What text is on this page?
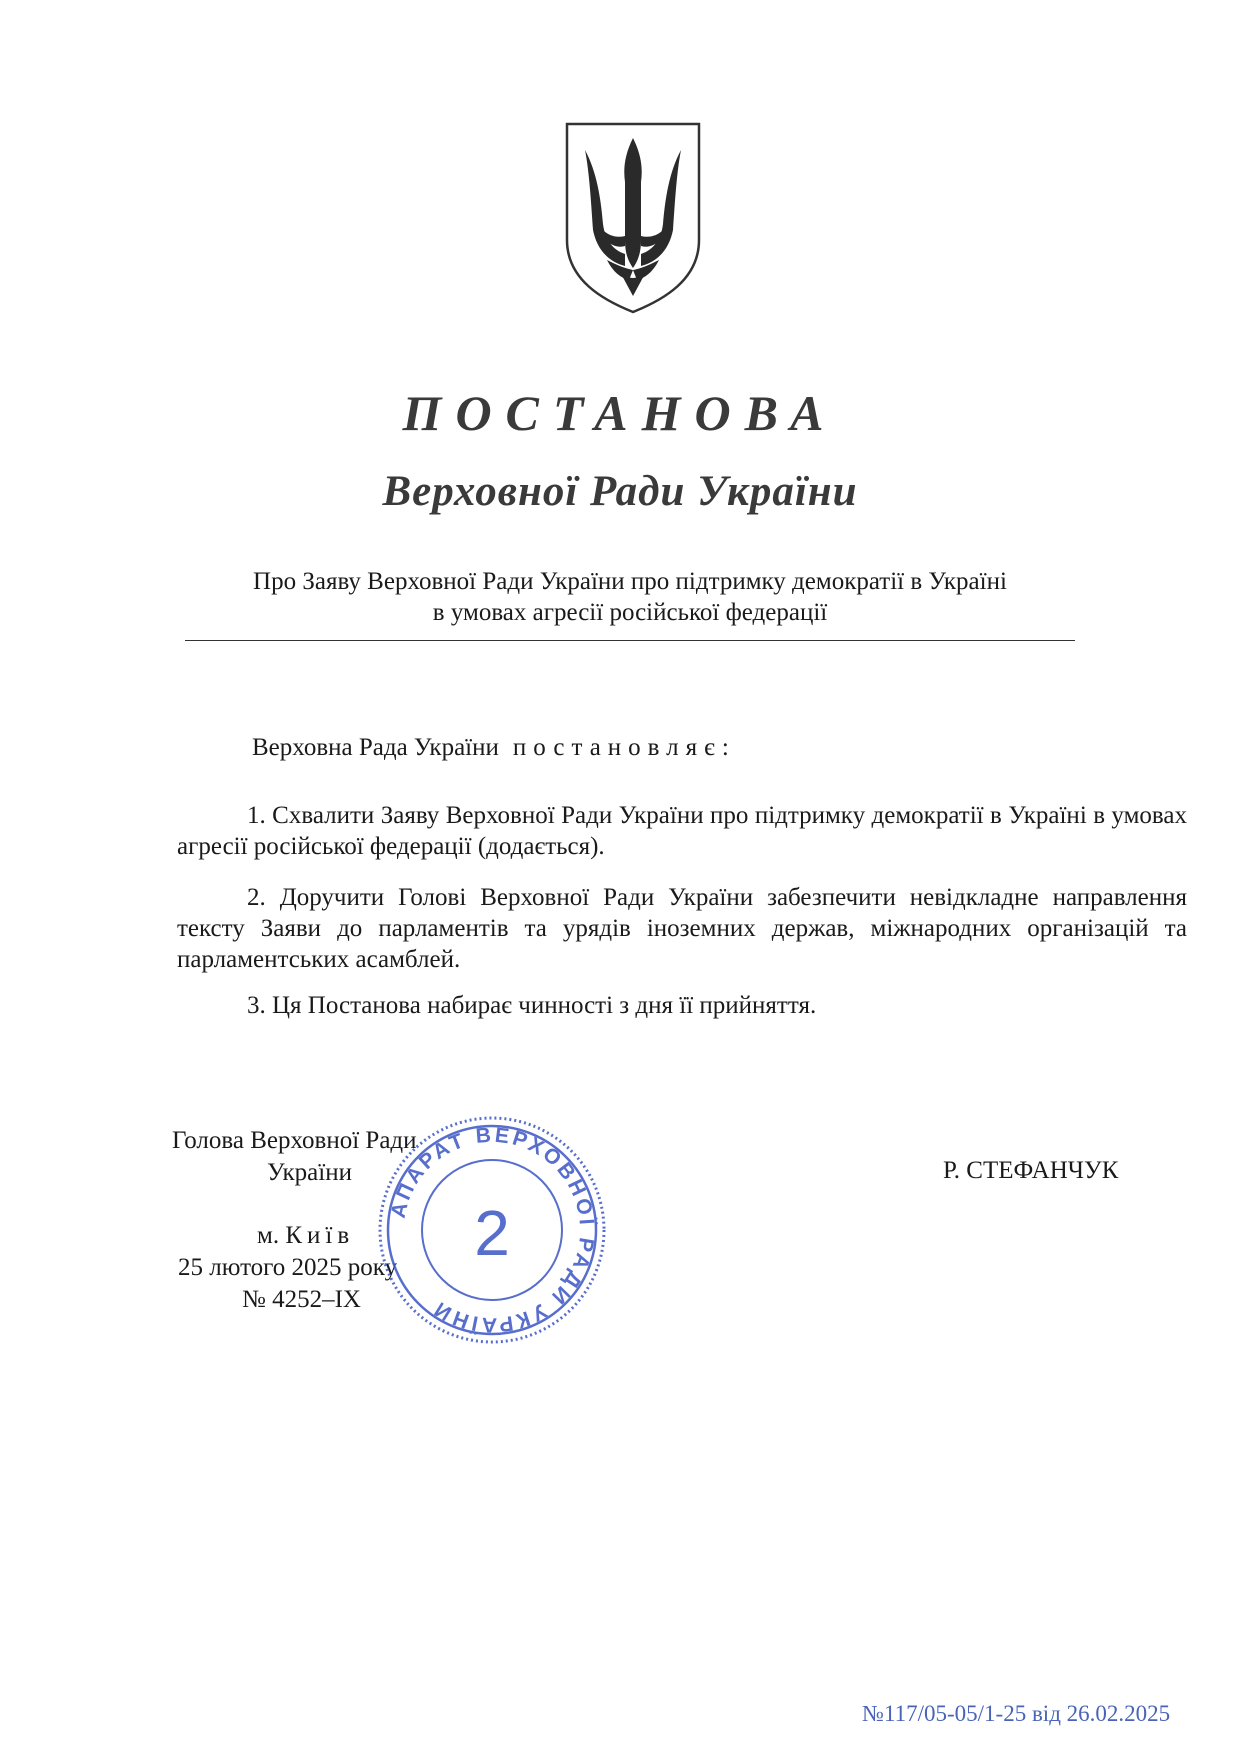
ПОСТАНОВА
Верховної Ради України
Про Заяву Верховної Ради України про підтримку демократії в Україні
в умовах агресії російської федерації
Верховна Рада України постановляє:
1. Схвалити Заяву Верховної Ради України про підтримку демократії в Україні в умовах агресії російської федерації (додається).
2. Доручити Голові Верховної Ради України забезпечити невідкладне направлення тексту Заяви до парламентів та урядів іноземних держав, міжнародних організацій та парламентських асамблей.
3. Ця Постанова набирає чинності з дня її прийняття.
Голова Верховної Ради
України	Р. СТЕФАНЧУК
м. Київ
25 лютого 2025 року
№ 4252–IX
АПАРАТ ВЕРХОВНОЇ РАДИ УКРАЇНИ
2
№117/05-05/1-25 від 26.02.2025
